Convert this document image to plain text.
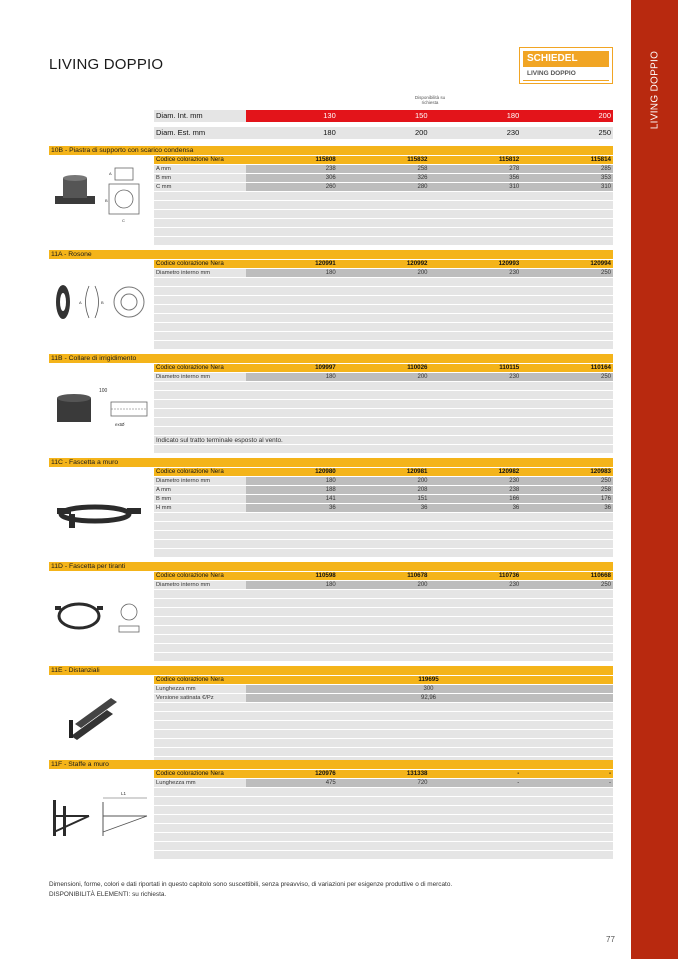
LIVING DOPPIO
LIVING DOPPIO	SCHIEDEL
LIVING DOPPIO
Disponibilità su richiesta
Diam. Int. mm	130	150	180	200
Diam. Est. mm	180	200	230	250
10B - Piastra di supporto con scarico condensa
A
B
C
Codice colorazione Nera	115808	115832	115812	115814
A mm	238	258	278	285
B mm	306	326	356	353
C mm	260	280	310	310
11A - Rosone
A	B
Codice colorazione Nera	120991	120992	120993	120994
Diametro interno mm	180	200	230	250
11B - Collare di irrigidimento
100
extØ
Codice colorazione Nera	109997	110026	110115	110164
Diametro interno mm	180	200	230	250
Indicato sul tratto terminale esposto al vento.
11C - Fascetta a muro
Codice colorazione Nera	120980	120981	120982	120983
Diametro interno mm	180	200	230	250
A mm	188	208	238	258
B mm	141	151	166	176
H mm	36	36	36	36
11D - Fascetta per tiranti
Codice colorazione Nera	110598	110678	110736	110668
Diametro interno mm	180	200	230	250
11E - Distanziali
Codice colorazione Nera	119695
Lunghezza mm	300
Versione satinata €/Pz	92,96
11F - Staffe a muro
L1
Codice colorazione Nera	120976	131338	-	-
Lunghezza mm	475	720	-	-
Dimensioni, forme, colori e dati riportati in questo capitolo sono suscettibili, senza preavviso, di variazioni per esigenze produttive o di mercato.
DISPONIBILITÀ ELEMENTI: su richiesta.
77
